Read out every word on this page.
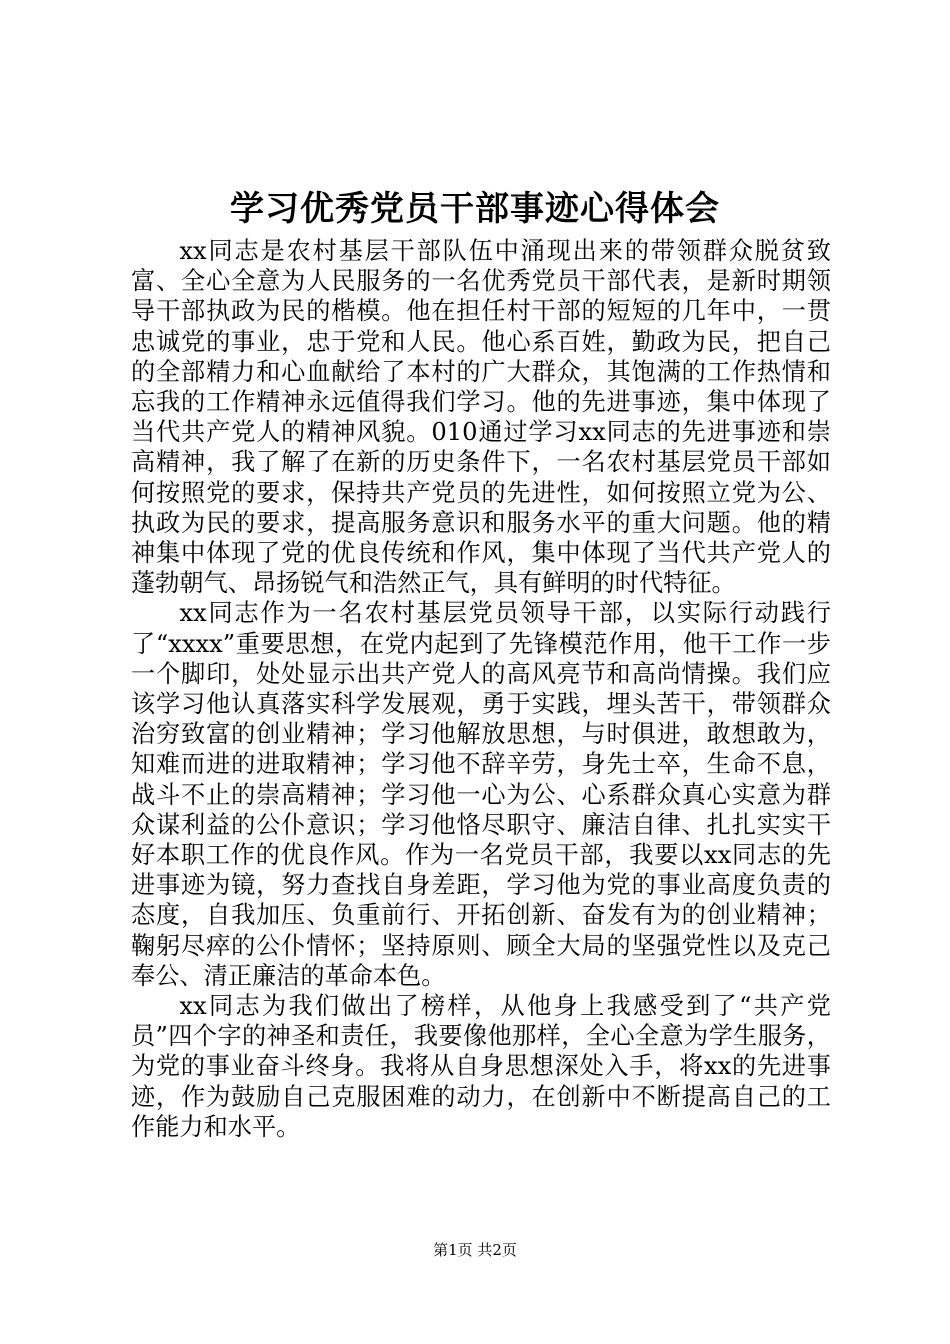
学习优秀党员干部事迹心得体会

xx同志是农村基层干部队伍中涌现出来的带领群众脱贫致富、全心全意为人民服务的一名优秀党员干部代表，是新时期领导干部执政为民的楷模。他在担任村干部的短短的几年中，一贯忠诚党的事业，忠于党和人民。他心系百姓，勤政为民，把自己的全部精力和心血献给了本村的广大群众，其饱满的工作热情和忘我的工作精神永远值得我们学习。他的先进事迹，集中体现了当代共产党人的精神风貌。010通过学习xx同志的先进事迹和崇高精神，我了解了在新的历史条件下，一名农村基层党员干部如何按照党的要求，保持共产党员的先进性，如何按照立党为公、执政为民的要求，提高服务意识和服务水平的重大问题。他的精神集中体现了党的优良传统和作风，集中体现了当代共产党人的蓬勃朝气、昂扬锐气和浩然正气，具有鲜明的时代特征。

xx同志作为一名农村基层党员领导干部，以实际行动践行了“xxxx”重要思想，在党内起到了先锋模范作用，他干工作一步一个脚印，处处显示出共产党人的高风亮节和高尚情操。我们应该学习他认真落实科学发展观，勇于实践，埋头苦干，带领群众治穷致富的创业精神；学习他解放思想，与时俱进，敢想敢为，知难而进的进取精神；学习他不辞辛劳，身先士卒，生命不息，战斗不止的崇高精神；学习他一心为公、心系群众真心实意为群众谋利益的公仆意识；学习他恪尽职守、廉洁自律、扎扎实实干好本职工作的优良作风。作为一名党员干部，我要以xx同志的先进事迹为镜，努力查找自身差距，学习他为党的事业高度负责的态度，自我加压、负重前行、开拓创新、奋发有为的创业精神；鞠躬尽瘁的公仆情怀；坚持原则、顾全大局的坚强党性以及克己奉公、清正廉洁的革命本色。

xx同志为我们做出了榜样，从他身上我感受到了“共产党员”四个字的神圣和责任，我要像他那样，全心全意为学生服务，为党的事业奋斗终身。我将从自身思想深处入手，将xx的先进事迹，作为鼓励自己克服困难的动力，在创新中不断提高自己的工作能力和水平。

第1页 共2页
